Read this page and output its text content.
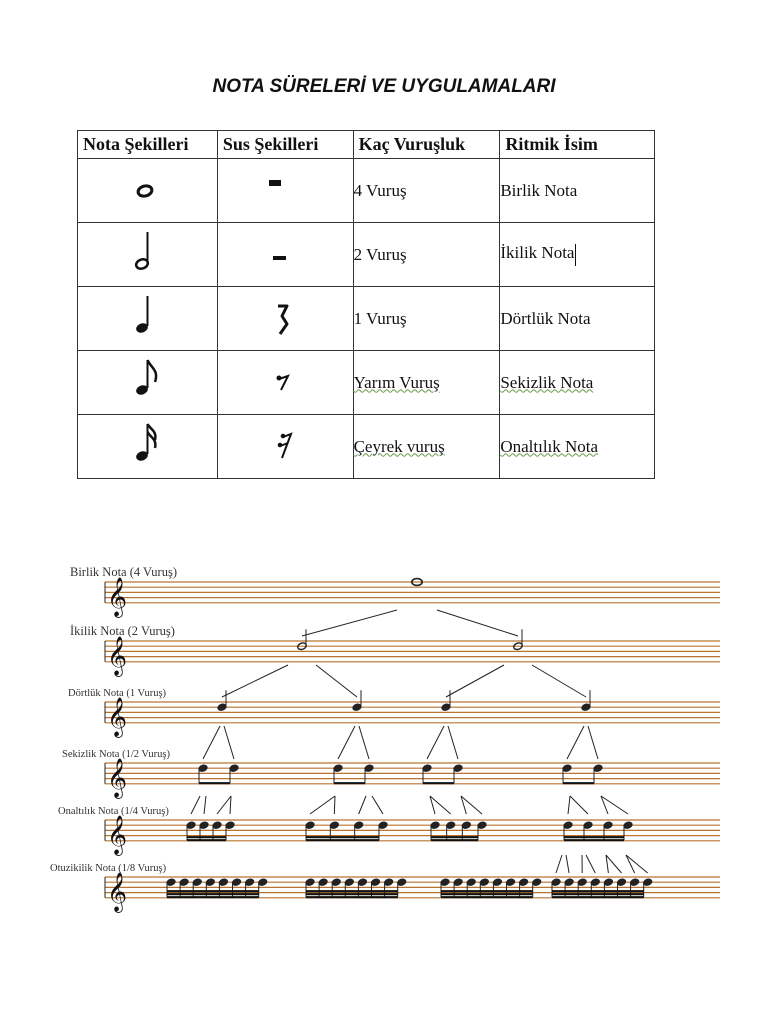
NOTA SÜRELERİ VE UYGULAMALARI
Nota Şekilleri	Sus Şekilleri	Kaç Vuruşluk	Ritmik İsim
		4 Vuruş	Birlik Nota
		2 Vuruş	İkilik Nota
		1 Vuruş	Dörtlük Nota
		Yarım Vuruş	Sekizlik Nota
		Çeyrek vuruş	Onaltılık Nota
𝄞
𝄞
𝄞
𝄞
𝄞
𝄞
Birlik Nota (4 Vuruş)
İkilik Nota (2 Vuruş)
Dörtlük Nota (1 Vuruş)
Sekizlik Nota (1/2 Vuruş)
Onaltılık Nota (1/4 Vuruş)
Otuzikilik Nota (1/8 Vuruş)
